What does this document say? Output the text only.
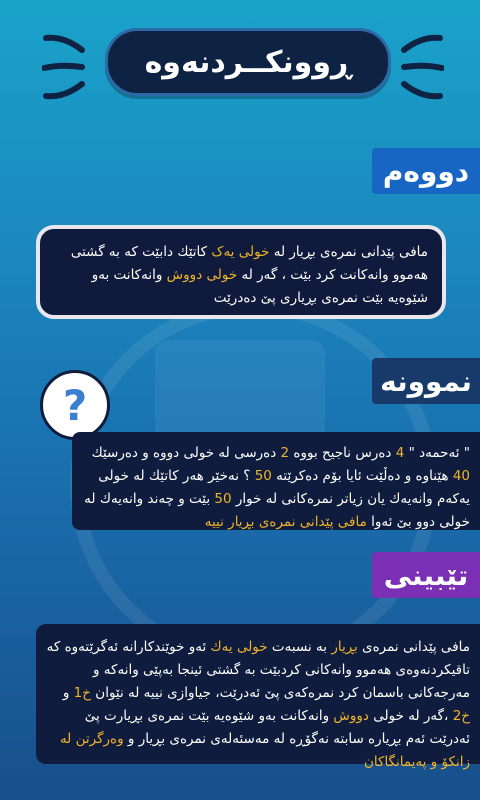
ڕوونكــردنەوە
دووەم
مافی پێدانی نمرەی بڕیار لە خولی یەک كاتێك دابێت كە بە گشتی هەموو وانەكانت كرد بێت ، گەر لە خولی دووش وانەكانت بەو شێوەیە بێت نمرەی بڕیاری پێ دەدرێت
نموونە
?
" ئەحمەد " 4 دەرس ناجیح بووە 2 دەرسی لە خولی دووە و دەرسێك 40 هێناوە و دەڵێت ئایا بۆم دەكرێتە 50 ؟ نەخێر هەر كاتێك لە خولی یەكەم وانەیەك یان زیاتر نمرەكانی لە خوار 50 بێت و چەند وانەیەك لە خولی دوو بێ ئەوا مافی پێدانی نمرەی بڕیار نییە
تێبینی
مافی پێدانی نمرەی بڕیار بە نسبەت خولی یەك ئەو خوێندكارانە ئەگرێتەوە كە تاقیكردنەوەی هەموو وانەكانی كردبێت بە گشتی ئینجا بەپێی وانەكە و مەرجەكانی باسمان كرد نمرەكەی پێ ئەدرێت، جیاوازی نییە لە نێوان خ1 و خ2 ،گەر لە خولی دووش وانەكانت بەو شێوەیە بێت نمرەی بڕیارت پێ ئەدرێت ئەم بڕیارە سابتە نەگۆڕە لە مەسئەلەی نمرەی بڕیار و وەرگرتن لە زانكۆ و پەیمانگاكان
